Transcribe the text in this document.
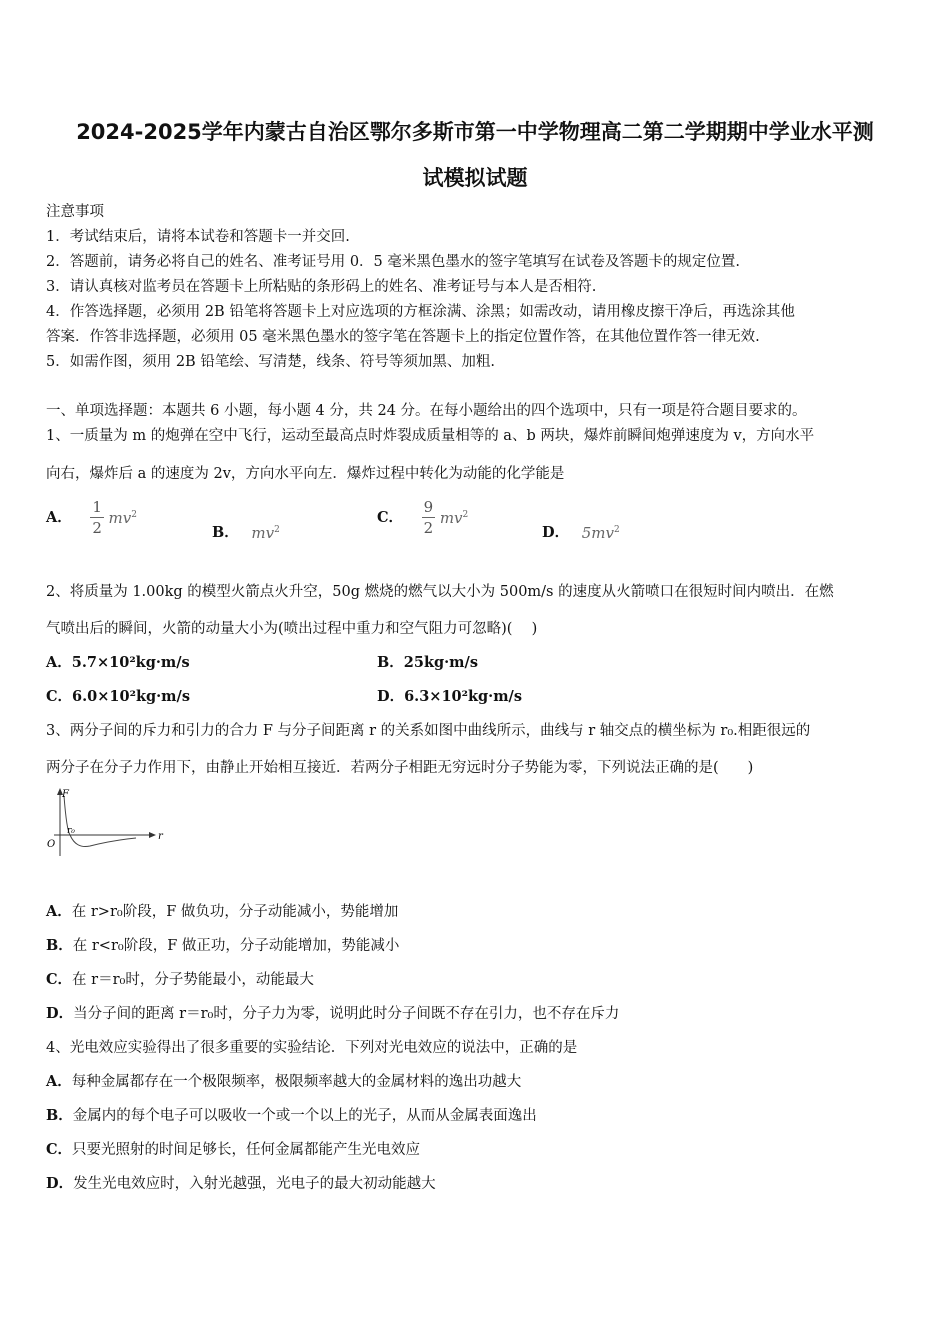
2024-2025学年内蒙古自治区鄂尔多斯市第一中学物理高二第二学期期中学业水平测
试模拟试题

注意事项

1．考试结束后，请将本试卷和答题卡一并交回.

2．答题前，请务必将自己的姓名、准考证号用 0．5 毫米黑色墨水的签字笔填写在试卷及答题卡的规定位置.

3．请认真核对监考员在答题卡上所粘贴的条形码上的姓名、准考证号与本人是否相符.

4．作答选择题，必须用 2B 铅笔将答题卡上对应选项的方框涂满、涂黑；如需改动，请用橡皮擦干净后，再选涂其他

答案．作答非选择题，必须用 05 毫米黑色墨水的签字笔在答题卡上的指定位置作答，在其他位置作答一律无效.

5．如需作图，须用 2B 铅笔绘、写清楚，线条、符号等须加黑、加粗.

一、单项选择题：本题共 6 小题，每小题 4 分，共 24 分。在每小题给出的四个选项中，只有一项是符合题目要求的。

1、一质量为 m 的炮弹在空中飞行，运动至最高点时炸裂成质量相等的 a、b 两块，爆炸前瞬间炮弹速度为 v，方向水平

向右，爆炸后 a 的速度为 2v，方向水平向左．爆炸过程中转化为动能的化学能是

A． $\frac{1}{2} mv^2$
B． $mv^2$
C． $\frac{9}{2} mv^2$
D． $5mv^2$

2、将质量为 1.00kg 的模型火箭点火升空，50g 燃烧的燃气以大小为 500m/s 的速度从火箭喷口在很短时间内喷出．在燃

气喷出后的瞬间，火箭的动量大小为(喷出过程中重力和空气阻力可忽略)(　 )

A．5.7×10²kg·m/s	B．25kg·m/s

C．6.0×10²kg·m/s	D．6.3×10²kg·m/s

3、两分子间的斥力和引力的合力 F 与分子间距离 r 的关系如图中曲线所示，曲线与 r 轴交点的横坐标为 r₀.相距很远的

两分子在分子力作用下，由静止开始相互接近．若两分子相距无穷远时分子势能为零，下列说法正确的是(　　)

F
r
O
r₀

A．在 r>r₀阶段，F 做负功，分子动能减小，势能增加

B．在 r<r₀阶段，F 做正功，分子动能增加，势能减小

C．在 r＝r₀时，分子势能最小，动能最大

D．当分子间的距离 r＝r₀时，分子力为零，说明此时分子间既不存在引力，也不存在斥力

4、光电效应实验得出了很多重要的实验结论．下列对光电效应的说法中，正确的是

A．每种金属都存在一个极限频率，极限频率越大的金属材料的逸出功越大

B．金属内的每个电子可以吸收一个或一个以上的光子，从而从金属表面逸出

C．只要光照射的时间足够长，任何金属都能产生光电效应

D．发生光电效应时，入射光越强，光电子的最大初动能越大
